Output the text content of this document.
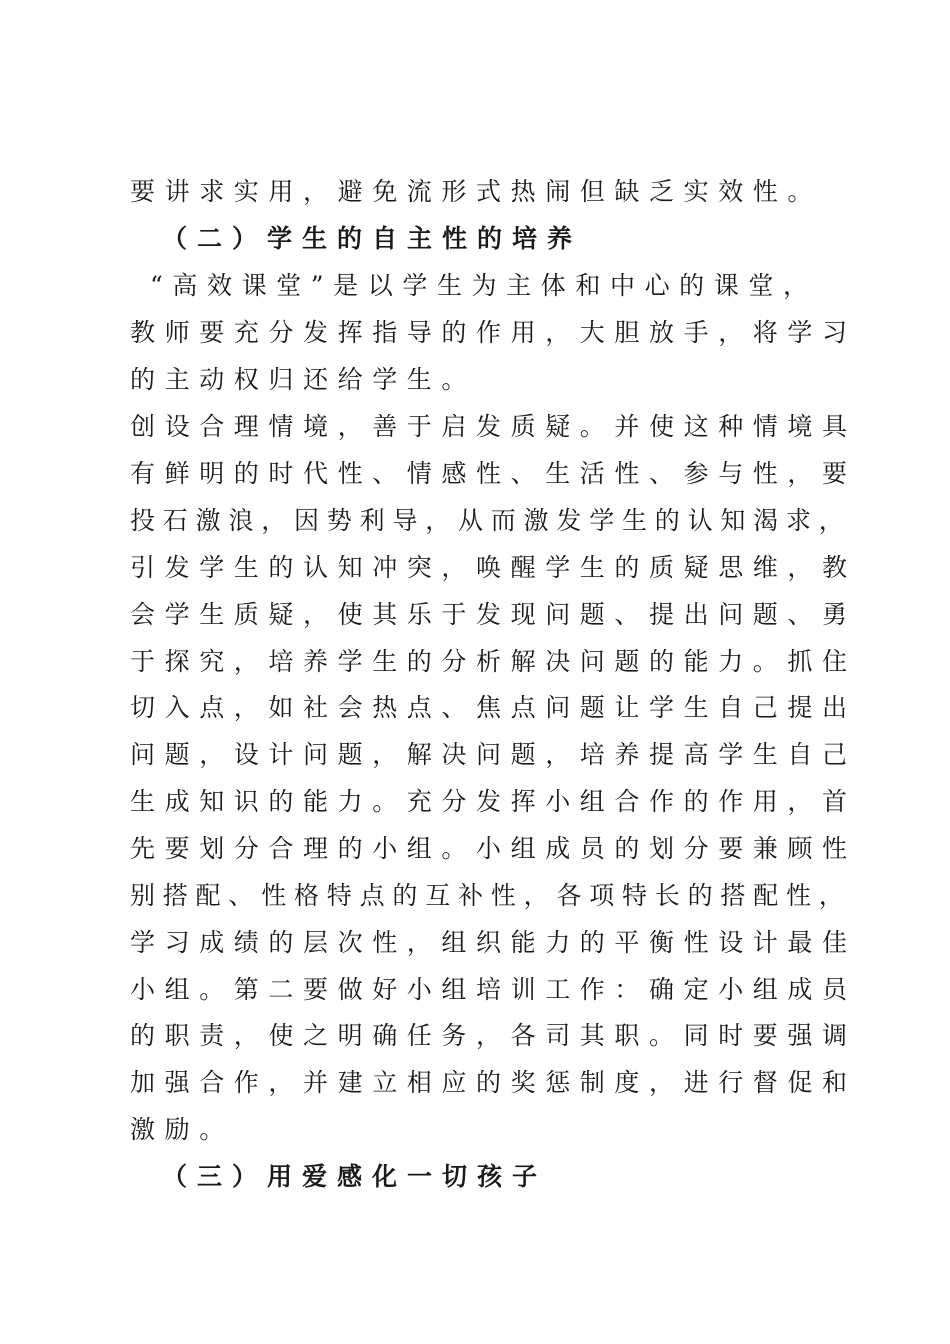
要讲求实用，避免流形式热闹但缺乏实效性。
（二）学生的自主性的培养
“高效课堂”是以学生为主体和中心的课堂，
教师要充分发挥指导的作用，大胆放手，将学习
的主动权归还给学生。
创设合理情境，善于启发质疑。并使这种情境具
有鲜明的时代性、情感性、生活性、参与性，要
投石激浪，因势利导，从而激发学生的认知渴求，
引发学生的认知冲突，唤醒学生的质疑思维，教
会学生质疑，使其乐于发现问题、提出问题、勇
于探究，培养学生的分析解决问题的能力。抓住
切入点，如社会热点、焦点问题让学生自己提出
问题，设计问题，解决问题，培养提高学生自己
生成知识的能力。充分发挥小组合作的作用，首
先要划分合理的小组。小组成员的划分要兼顾性
别搭配、性格特点的互补性，各项特长的搭配性，
学习成绩的层次性，组织能力的平衡性设计最佳
小组。第二要做好小组培训工作：确定小组成员
的职责，使之明确任务，各司其职。同时要强调
加强合作，并建立相应的奖惩制度，进行督促和
激励。
（三）用爱感化一切孩子
